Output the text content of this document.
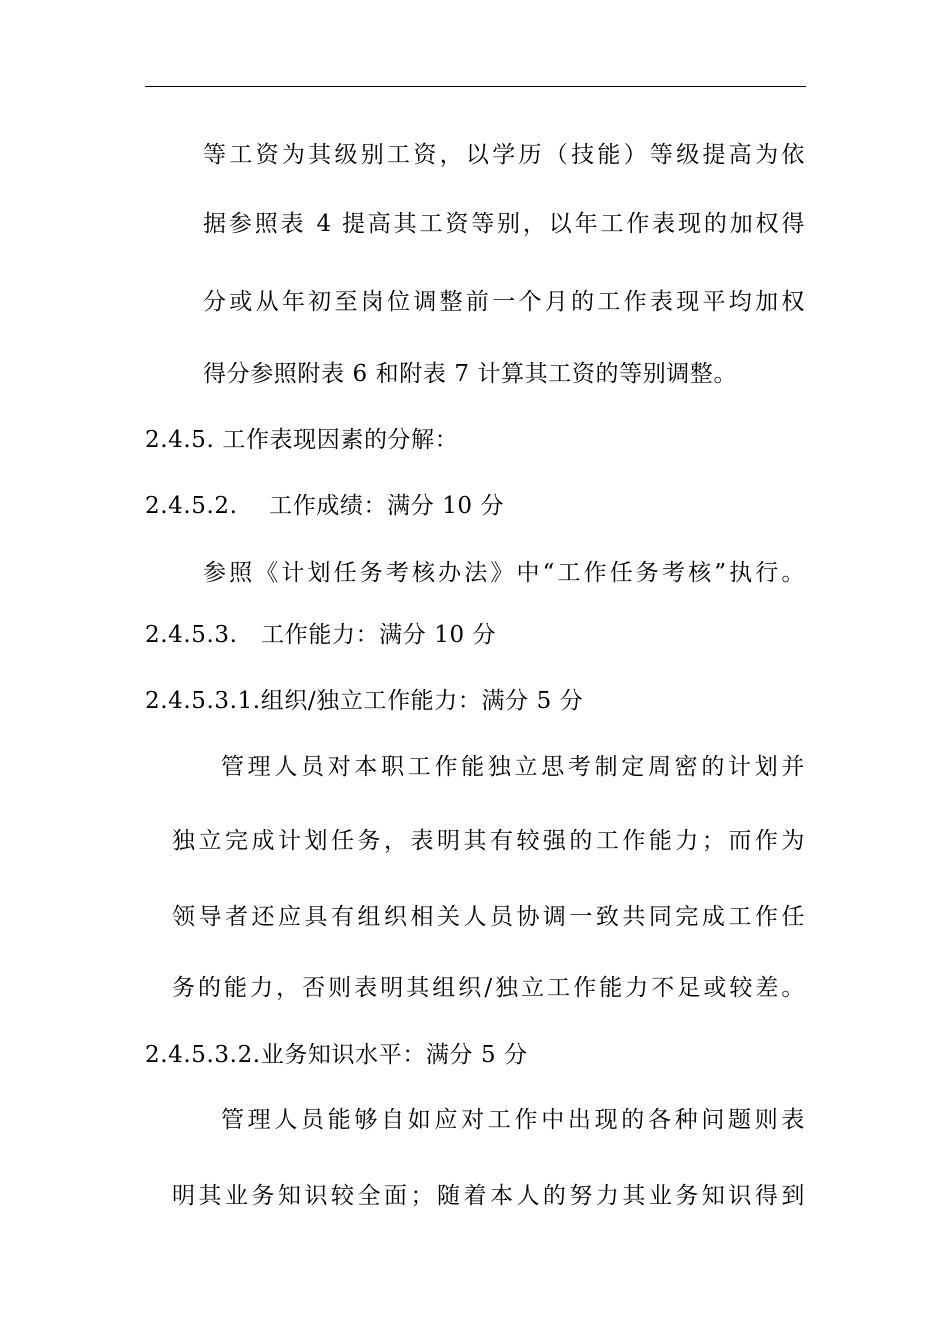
等工资为其级别工资，以学历（技能）等级提高为依
据参照表 4 提高其工资等别，以年工作表现的加权得
分或从年初至岗位调整前一个月的工作表现平均加权
得分参照附表 6 和附表 7 计算其工资的等别调整。
2.4.5. 工作表现因素的分解：
2.4.5.2.　 工作成绩：满分 10 分
参照《计划任务考核办法》中“工作任务考核”执行。
2.4.5.3.　工作能力：满分 10 分
2.4.5.3.1.组织/独立工作能力：满分 5 分
管理人员对本职工作能独立思考制定周密的计划并
独立完成计划任务，表明其有较强的工作能力；而作为
领导者还应具有组织相关人员协调一致共同完成工作任
务的能力，否则表明其组织/独立工作能力不足或较差。
2.4.5.3.2.业务知识水平：满分 5 分
管理人员能够自如应对工作中出现的各种问题则表
明其业务知识较全面；随着本人的努力其业务知识得到
